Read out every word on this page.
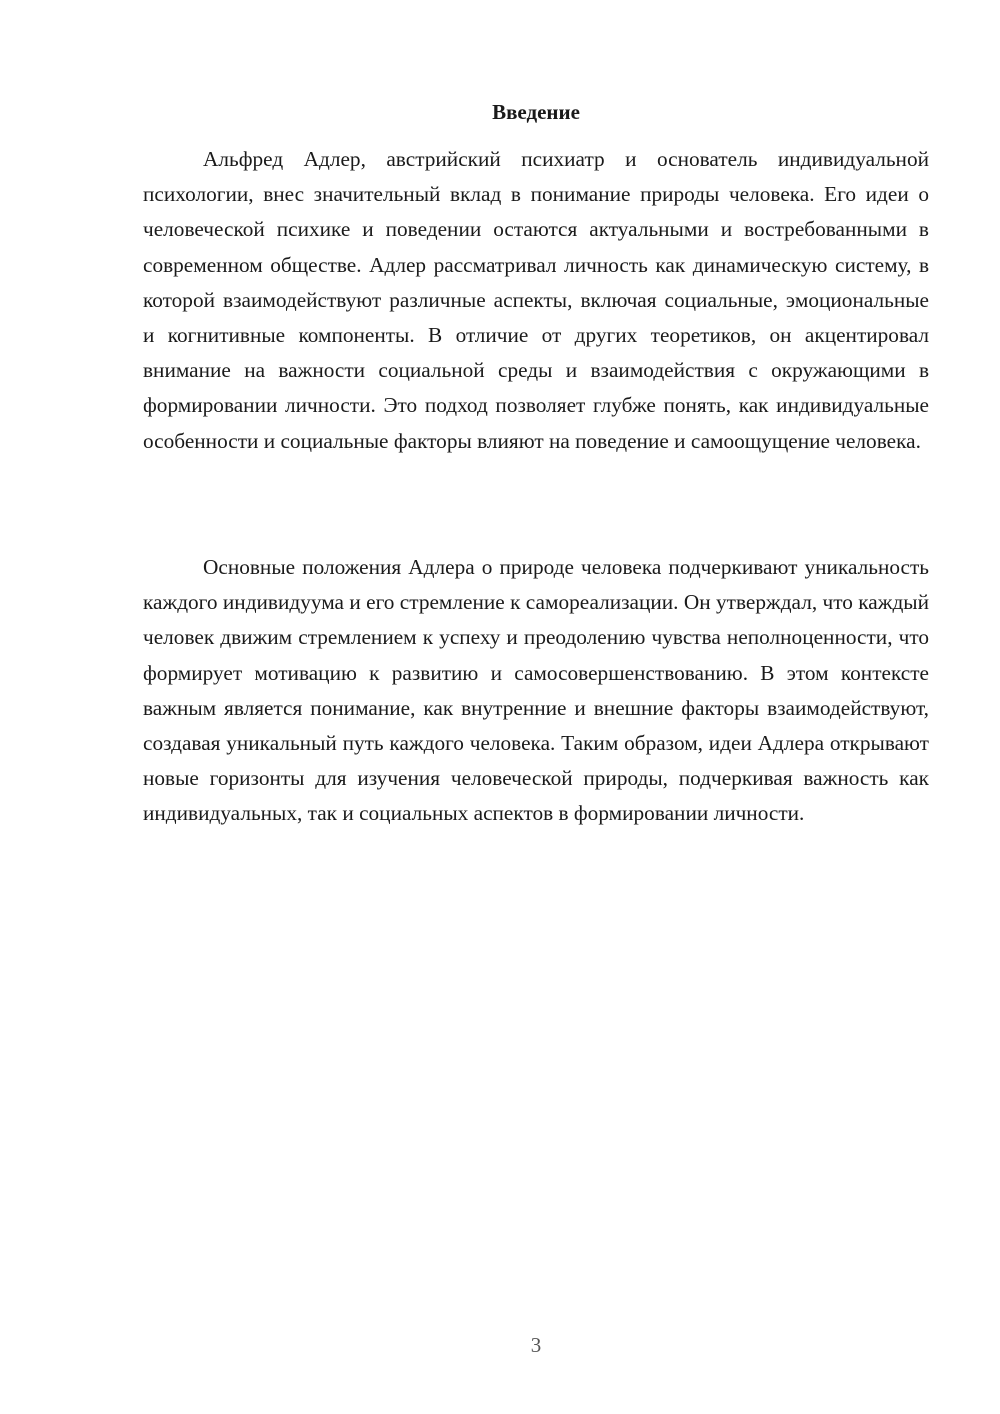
Введение

Альфред Адлер, австрийский психиатр и основатель индивидуальной психологии, внес значительный вклад в понимание природы человека. Его идеи о человеческой психике и поведении остаются актуальными и востребованными в современном обществе. Адлер рассматривал личность как динамическую систему, в которой взаимодействуют различные аспекты, включая социальные, эмоциональные и когнитивные компоненты. В отличие от других теоретиков, он акцентировал внимание на важности социальной среды и взаимодействия с окружающими в формировании личности. Это подход позволяет глубже понять, как индивидуальные особенности и социальные факторы влияют на поведение и самоощущение человека.

Основные положения Адлера о природе человека подчеркивают уникальность каждого индивидуума и его стремление к самореализации. Он утверждал, что каждый человек движим стремлением к успеху и преодолению чувства неполноценности, что формирует мотивацию к развитию и самосовершенствованию. В этом контексте важным является понимание, как внутренние и внешние факторы взаимодействуют, создавая уникальный путь каждого человека. Таким образом, идеи Адлера открывают новые горизонты для изучения человеческой природы, подчеркивая важность как индивидуальных, так и социальных аспектов в формировании личности.

3
